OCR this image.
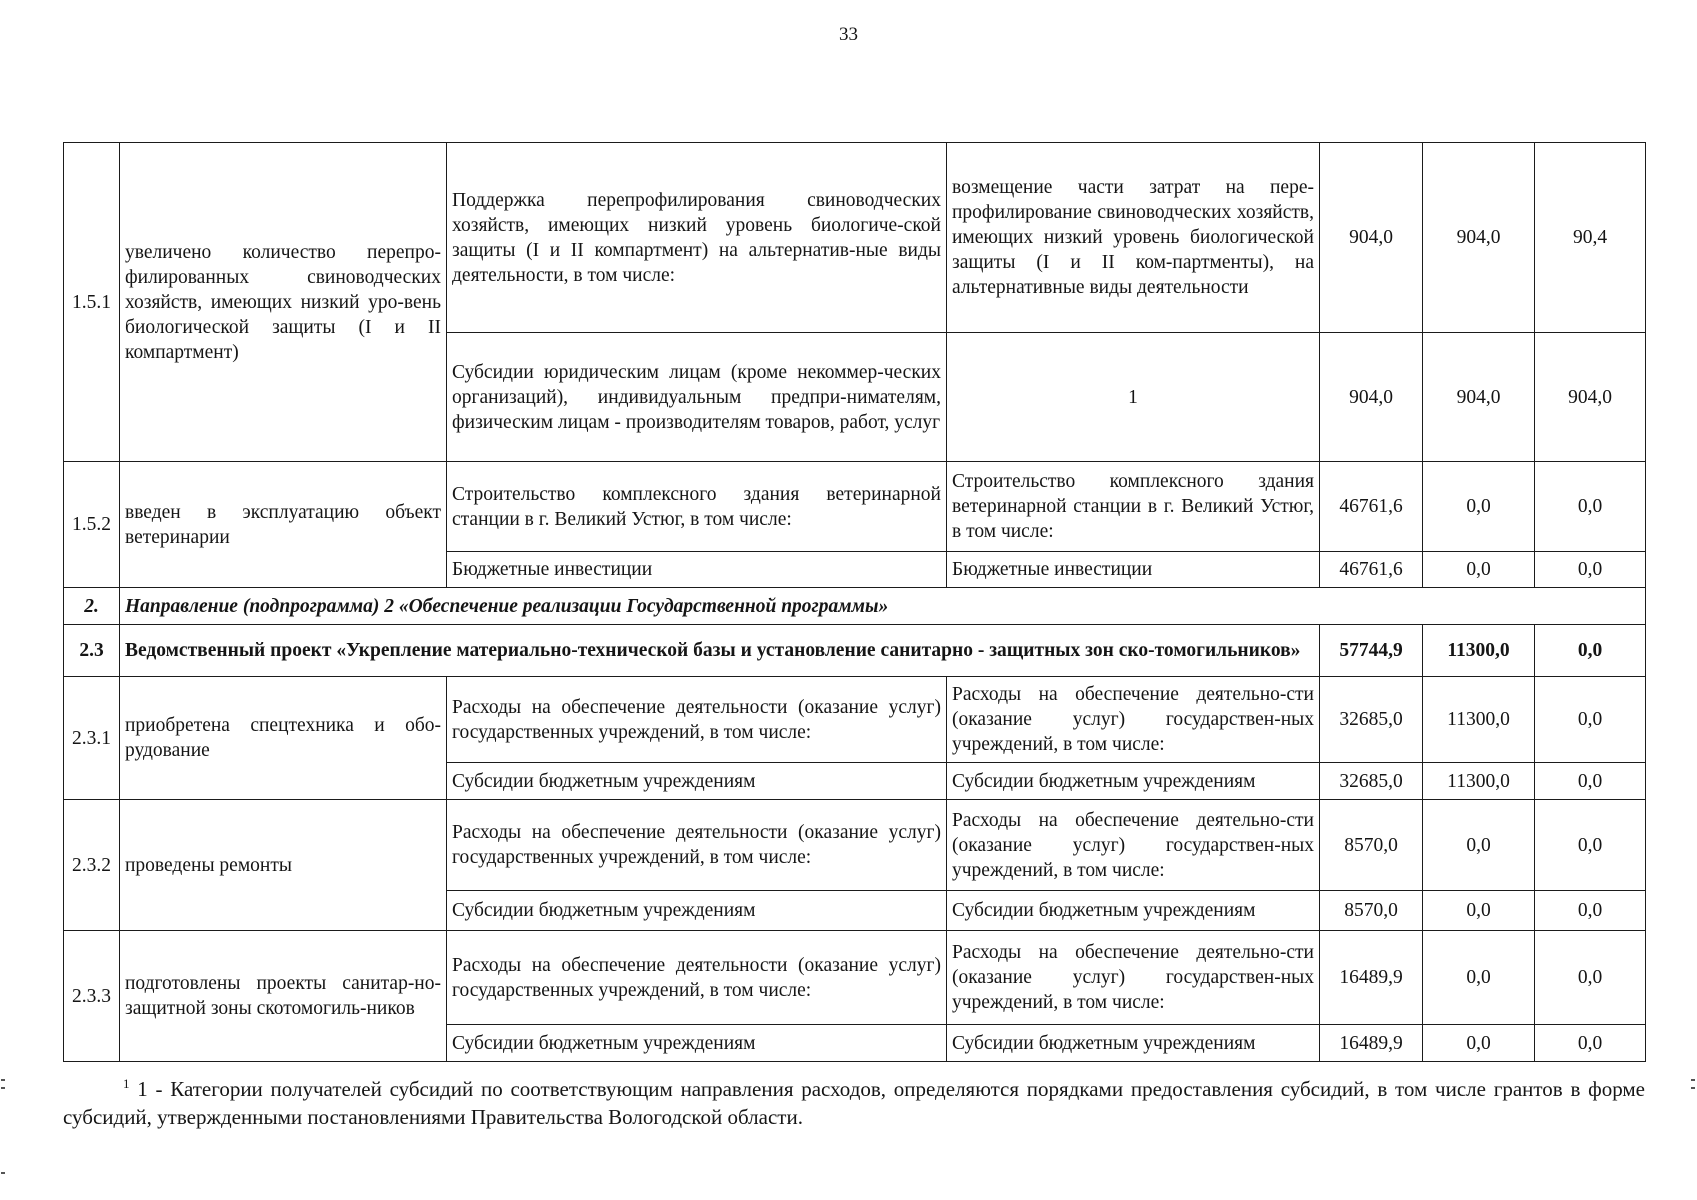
33
1.5.1	увеличено количество перепро-филированных свиноводческих хозяйств, имеющих низкий уро-вень биологической защиты (I и II компартмент)	Поддержка перепрофилирования свиноводческих хозяйств, имеющих низкий уровень биологиче-ской защиты (I и II компартмент) на альтернатив-ные виды деятельности, в том числе:	возмещение части затрат на пере-профилирование свиноводческих хозяйств, имеющих низкий уровень биологической защиты (I и II ком-партменты), на альтернативные виды деятельности	904,0	904,0	90,4
		Субсидии юридическим лицам (кроме некоммер-ческих организаций), индивидуальным предпри-нимателям, физическим лицам - производителям товаров, работ, услуг	1	904,0	904,0	904,0
1.5.2	введен в эксплуатацию объект ветеринарии	Строительство комплексного здания ветеринарной станции в г. Великий Устюг, в том числе:	Строительство комплексного здания ветеринарной станции в г. Великий Устюг, в том числе:	46761,6	0,0	0,0
		Бюджетные инвестиции	Бюджетные инвестиции	46761,6	0,0	0,0
2.	Направление (подпрограмма) 2 «Обеспечение реализации Государственной программы»					
2.3	Ведомственный проект «Укрепление материально-технической базы и установление санитарно - защитных зон ско-томогильников»			57744,9	11300,0	0,0
2.3.1	приобретена спецтехника и обо-рудование	Расходы на обеспечение деятельности (оказание услуг) государственных учреждений, в том числе:	Расходы на обеспечение деятельно-сти (оказание услуг) государствен-ных учреждений, в том числе:	32685,0	11300,0	0,0
		Субсидии бюджетным учреждениям	Субсидии бюджетным учреждениям	32685,0	11300,0	0,0
2.3.2	проведены ремонты	Расходы на обеспечение деятельности (оказание услуг) государственных учреждений, в том числе:	Расходы на обеспечение деятельно-сти (оказание услуг) государствен-ных учреждений, в том числе:	8570,0	0,0	0,0
		Субсидии бюджетным учреждениям	Субсидии бюджетным учреждениям	8570,0	0,0	0,0
2.3.3	подготовлены проекты санитар-но-защитной зоны скотомогиль-ников	Расходы на обеспечение деятельности (оказание услуг) государственных учреждений, в том числе:	Расходы на обеспечение деятельно-сти (оказание услуг) государствен-ных учреждений, в том числе:	16489,9	0,0	0,0
		Субсидии бюджетным учреждениям	Субсидии бюджетным учреждениям	16489,9	0,0	0,0
$^1$ 1 - Категории получателей субсидий по соответствующим направления расходов, определяются порядками предоставления субсидий, в том числе грантов в форме субсидий, утвержденными постановлениями Правительства Вологодской области.
